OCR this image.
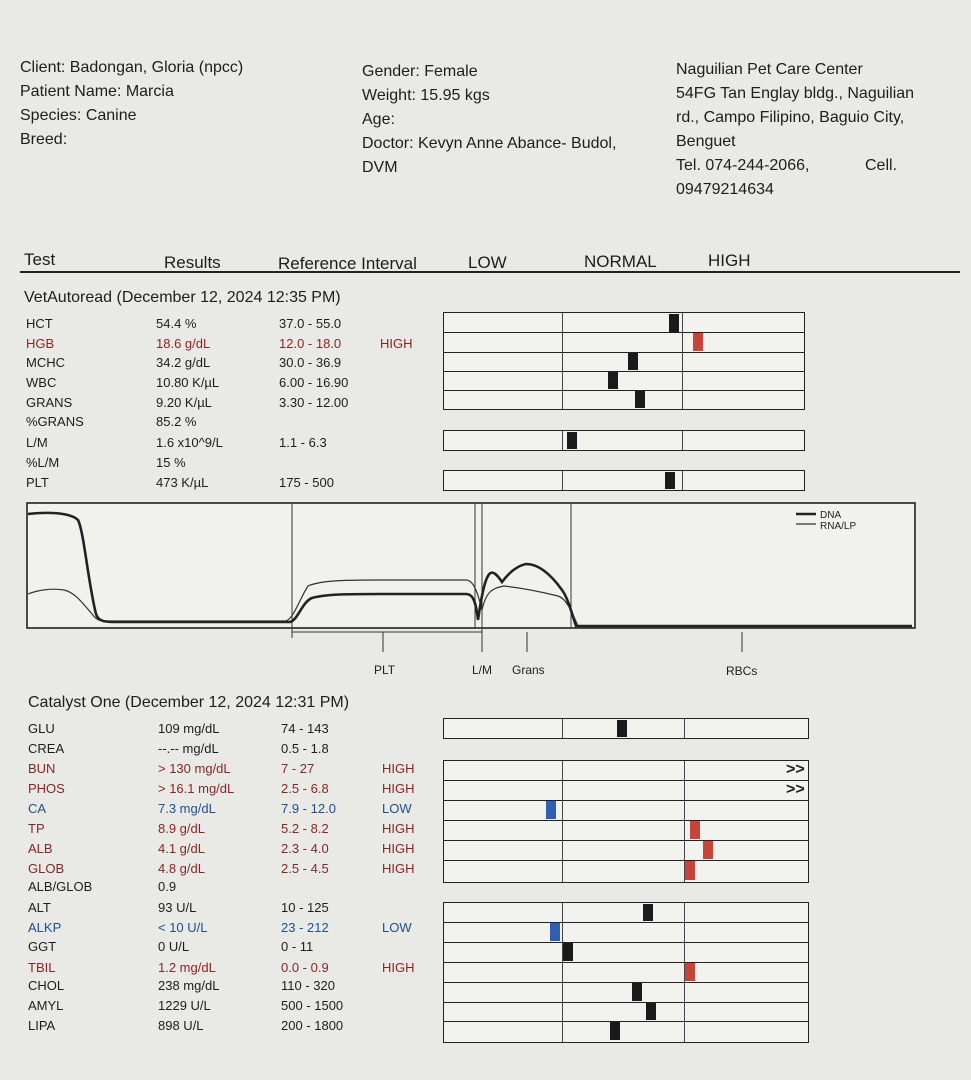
Client: Badongan, Gloria (npcc)
Patient Name: Marcia
Species: Canine
Breed:
Gender: Female
Weight: 15.95 kgs
Age:
Doctor: Kevyn Anne Abance- Budol,
DVM
Naguilian Pet Care Center
54FG Tan Englay bldg., Naguilian
rd., Campo Filipino, Baguio City,
Benguet
Tel. 074-244-2066,	Cell.
09479214634
Test	Results	Reference Interval	LOW	NORMAL	HIGH
VetAutoread (December 12, 2024 12:35 PM)
HCT	54.4 %	37.0 - 55.0
HGB	18.6 g/dL	12.0 - 18.0	HIGH
MCHC	34.2 g/dL	30.0 - 36.9
WBC	10.80 K/µL	6.00 - 16.90
GRANS	9.20 K/µL	3.30 - 12.00
%GRANS	85.2 %
L/M	1.6 x10^9/L	1.1 - 6.3
%L/M	15 %
PLT	473 K/µL	175 - 500
DNA
RNA/LP
PLT	L/M Grans	RBCs
Catalyst One (December 12, 2024 12:31 PM)
GLU	109 mg/dL	74 - 143
CREA	--.-- mg/dL	0.5 - 1.8
BUN	> 130 mg/dL	7 - 27	HIGH
PHOS	> 16.1 mg/dL	2.5 - 6.8	HIGH
CA	7.3 mg/dL	7.9 - 12.0	LOW
TP	8.9 g/dL	5.2 - 8.2	HIGH
ALB	4.1 g/dL	2.3 - 4.0	HIGH
GLOB	4.8 g/dL	2.5 - 4.5	HIGH
ALB/GLOB	0.9
ALT	93 U/L	10 - 125
ALKP	< 10 U/L	23 - 212	LOW
GGT	0 U/L	0 - 11
TBIL	1.2 mg/dL	0.0 - 0.9	HIGH
CHOL	238 mg/dL	110 - 320
AMYL	1229 U/L	500 - 1500
LIPA	898 U/L	200 - 1800
>>
>>
